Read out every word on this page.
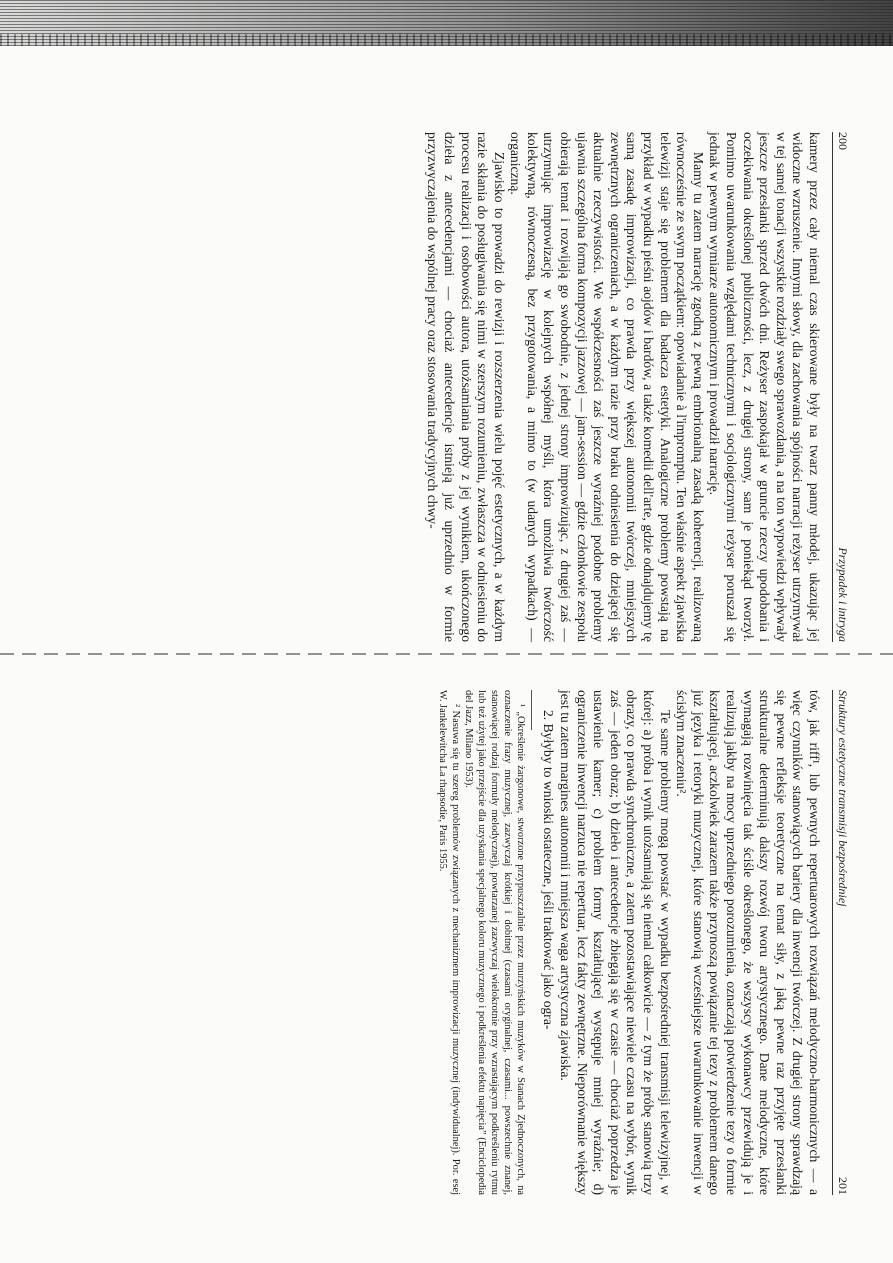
200
Przypadek i intryga

kamery przez cały niemal czas skierowane były na twarz panny młodej, ukazując jej widoczne wzruszenie. Innymi słowy, dla zachowania spójności narracji reżyser utrzymywał w tej samej tonacji wszystkie rozdziały swego sprawozdania, a na ton wypowiedzi wpływały jeszcze przesłanki sprzed dwóch dni. Reżyser zaspokajał w gruncie rzeczy upodobania i oczekiwania określonej publiczności, lecz, z drugiej strony, sam je poniekąd tworzył. Pomimo uwarunkowania względami technicznymi i socjologicznymi reżyser poruszał się jednak w pewnym wymiarze autonomicznym i prowadził narrację.

Mamy tu zatem narrację zgodną z pewną embrionalną zasadą koherencji, realizowaną równocześnie ze swym początkiem: opowiadanie à l'impromptu. Ten właśnie aspekt zjawiska telewizji staje się problemem dla badacza estetyki. Analogiczne problemy powstają na przykład w wypadku pieśni aojdów i bardów, a także komedii dell'arte, gdzie odnajdujemy tę samą zasadę improwizacji, co prawda przy większej autonomii twórczej, mniejszych zewnętrznych ograniczeniach, a w każdym razie przy braku odniesienia do dziejącej się aktualnie rzeczywistości. We współczesności zaś jeszcze wyraźniej podobne problemy ujawnia szczególna forma kompozycji jazzowej — jam-session — gdzie członkowie zespołu obierają temat i rozwijają go swobodnie, z jednej strony improwizując, z drugiej zaś — utrzymując improwizację w kolejnych współnej myśli, która umożliwia twórczość kolektywną, równoczesną, bez przygotowania, a mimo to (w udanych wypadkach) — organiczną.

Zjawisko to prowadzi do rewizji i rozszerzenia wielu pojęć estetycznych, a w każdym razie skłania do posługiwania się nimi w szerszym rozumieniu, zwłaszcza w odniesieniu do procesu realizacji i osobowości autora, utożsamiania próby z jej wynikiem, ukończonego dzieła z antecedencjami — chociaż antecedencje istnieją już uprzednio w formie przyzwyczajenia do wspólnej pracy oraz stosowania tradycyjnych chwy-

Struktury estetyczne transmisji bezpośredniej
201

tów, jak riff¹, lub pewnych repertuarowych rozwiązań melodyczno-harmonicznych — a więc czynników stanowiących bariery dla inwencji twórczej. Z drugiej strony sprawdzają się pewne refleksje teoretyczne na temat siły, z jaką pewne raz przyjęte przesłanki strukturalne determinują dalszy rozwój tworu artystycznego. Dane melodyczne, które wymagają rozwinięcia tak ściśle określonego, że wszyscy wykonawcy przewidują je i realizują jakby na mocy uprzedniego porozumienia, oznaczają potwierdzenie tezy o formie kształtującej, aczkolwiek zarazem także przynoszą powiązanie tej tezy z problemem danego już języka i retoryki muzycznej, które stanowią wcześniejsze uwarunkowanie inwencji w ścisłym znaczeniu².

Te same problemy mogą powstać w wypadku bezpośredniej transmisji telewizyjnej, w której: a) próba i wynik utożsamiają się niemal całkowicie — z tym że próbę stanowią trzy obrazy, co prawda synchroniczne, a zatem pozostawiające niewiele czasu na wybór, wynik zaś — jeden obraz; b) dzieło i antecedencje zbiegają się w czasie — chociaż poprzedza je ustawienie kamer; c) problem formy kształtującej występuje mniej wyraźnie; d) ograniczenie inwencji narzuca nie repertuar, lecz fakty zewnętrzne. Nieporównanie większy jest tu zatem margines autonomii i mniejsza waga artystyczna zjawiska.

2. Byłyby to wnioski ostateczne, jeśli traktować jako ogra-

¹ „Określenie żargonowe, stworzone przypuszczalnie przez murzyńskich muzyków w Stanach Zjednoczonych, na oznaczenie frazy muzycznej, zazwyczaj krótkiej i dobitnej (czasami oryginalnej, czasami... powszechnie znanej, stanowiącej rodzaj formuły melodycznej), powtarzanej zazwyczaj wielokrotnie przy wzrastającym podkreśleniu rytmu lub też użytej jako przejście dla uzyskania specjalnego koloru muzycznego i podkreślenia efektu napięcia” (Enciclopedia del Jazz, Milano 1953).

² Nasuwa się tu szereg problemów związanych z mechanizmem improwizacji muzycznej (indywidualnej). Por. esej W. Jankelewitcha La rhapsodie, Paris 1955.
